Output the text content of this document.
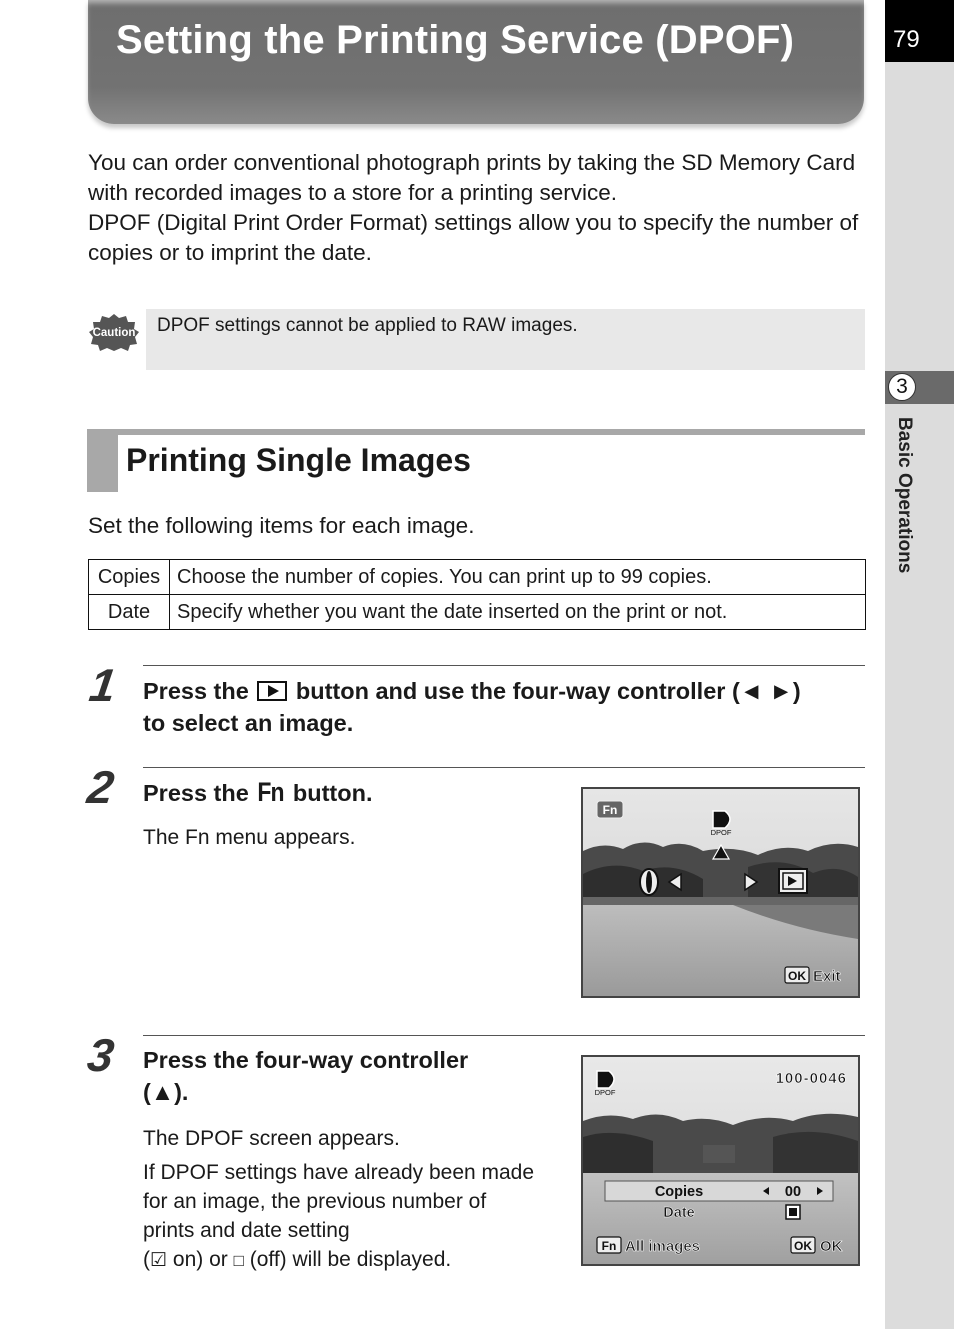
Setting the Printing Service (DPOF)	79
3
Basic Operations

You can order conventional photograph prints by taking the SD Memory Card with recorded images to a store for a printing service.

DPOF (Digital Print Order Format) settings allow you to specify the number of copies or to imprint the date.

Caution DPOF settings cannot be applied to RAW images.
Printing Single Images
Set the following items for each image.
Copies	Choose the number of copies. You can print up to 99 copies.
Date	Specify whether you want the date inserted on the print or not.
1 Press the button and use the four-way controller (◄ ►)
to select an image.
2 Press the Fn button.
The Fn menu appears.
Fn
DPOF
OK Exit
3 Press the four-way controller
(▲).

The DPOF screen appears.

If DPOF settings have already been made for an image, the previous number of prints and date setting

(☑ on) or □ (off) will be displayed.

DPOF
100-0046
Copies	00
Date
Fn All images	OK OK
